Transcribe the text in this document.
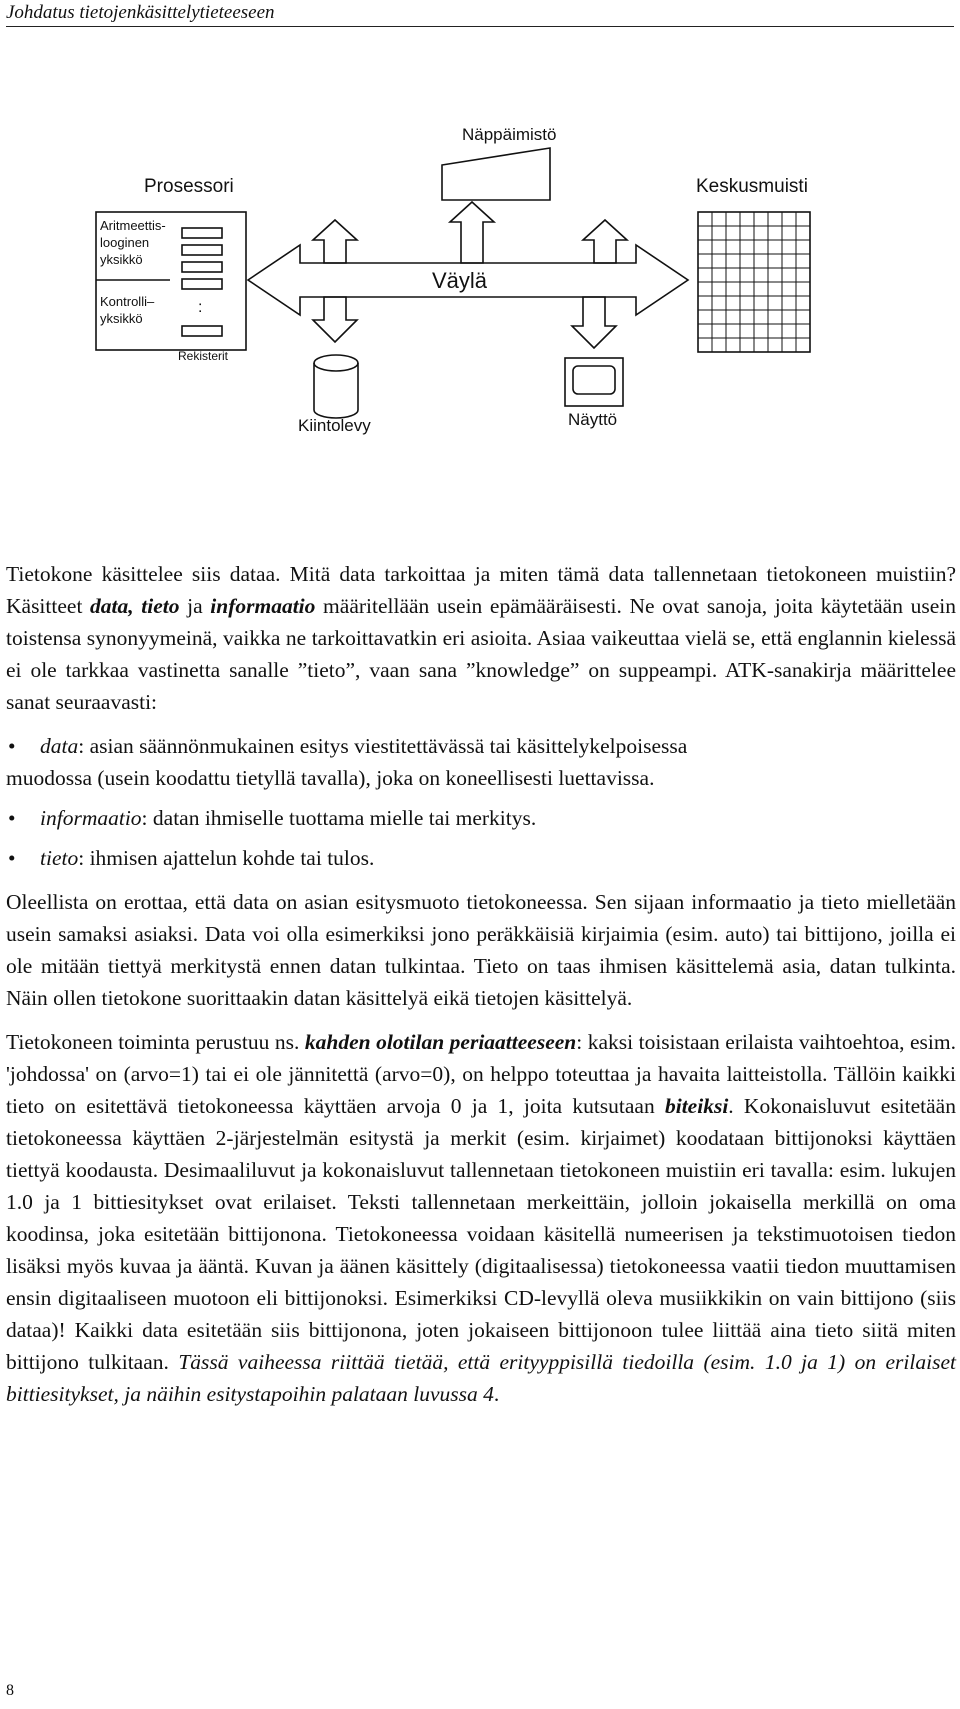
Johdatus tietojenkäsittelytieteeseen
Prosessori
Aritmeettis-
looginen
yksikkö
Kontrolli–
yksikkö
:
Rekisterit
Näppäimistö
Keskusmuisti
Väylä
Kiintolevy	Näyttö

Tietokone käsittelee siis dataa. Mitä data tarkoittaa ja miten tämä data tallennetaan tietokoneen muistiin? Käsitteet data, tieto ja informaatio määritellään usein epämääräisesti. Ne ovat sanoja, joita käytetään usein toistensa synonyymeinä, vaikka ne tarkoittavatkin eri asioita. Asiaa vaikeuttaa vielä se, että englannin kielessä ei ole tarkkaa vastinetta sanalle ”tieto”, vaan sana ”knowledge” on suppeampi. ATK-sanakirja määrittelee sanat seuraavasti:

• data: asian säännönmukainen esitys viestitettävässä tai käsittelykelpoisessa
muodossa (usein koodattu tietyllä tavalla), joka on koneellisesti luettavissa.
• informaatio: datan ihmiselle tuottama mielle tai merkitys.
• tieto: ihmisen ajattelun kohde tai tulos.

Oleellista on erottaa, että data on asian esitysmuoto tietokoneessa. Sen sijaan informaatio ja tieto mielletään usein samaksi asiaksi. Data voi olla esimerkiksi jono peräkkäisiä kirjaimia (esim. auto) tai bittijono, joilla ei ole mitään tiettyä merkitystä ennen datan tulkintaa. Tieto on taas ihmisen käsittelemä asia, datan tulkinta. Näin ollen tietokone suorittaakin datan käsittelyä eikä tietojen käsittelyä.

Tietokoneen toiminta perustuu ns. kahden olotilan periaatteeseen: kaksi toisistaan erilaista vaihtoehtoa, esim. 'johdossa' on (arvo=1) tai ei ole jännitettä (arvo=0), on helppo toteuttaa ja havaita laitteistolla. Tällöin kaikki tieto on esitettävä tietokoneessa käyttäen arvoja 0 ja 1, joita kutsutaan biteiksi. Kokonaisluvut esitetään tietokoneessa käyttäen 2-järjestelmän esitystä ja merkit (esim. kirjaimet) koodataan bittijonoksi käyttäen tiettyä koodausta. Desimaaliluvut ja kokonaisluvut tallennetaan tietokoneen muistiin eri tavalla: esim. lukujen 1.0 ja 1 bittiesitykset ovat erilaiset. Teksti tallennetaan merkeittäin, jolloin jokaisella merkillä on oma koodinsa, joka esitetään bittijonona. Tietokoneessa voidaan käsitellä numeerisen ja tekstimuotoisen tiedon lisäksi myös kuvaa ja ääntä. Kuvan ja äänen käsittely (digitaalisessa) tietokoneessa vaatii tiedon muuttamisen ensin digitaaliseen muotoon eli bittijonoksi. Esimerkiksi CD-levyllä oleva musiikkikin on vain bittijono (siis dataa)! Kaikki data esitetään siis bittijonona, joten jokaiseen bittijonoon tulee liittää aina tieto siitä miten bittijono tulkitaan. Tässä vaiheessa riittää tietää, että erityyppisillä tiedoilla (esim. 1.0 ja 1) on erilaiset bittiesitykset, ja näihin esitystapoihin palataan luvussa 4.

8
